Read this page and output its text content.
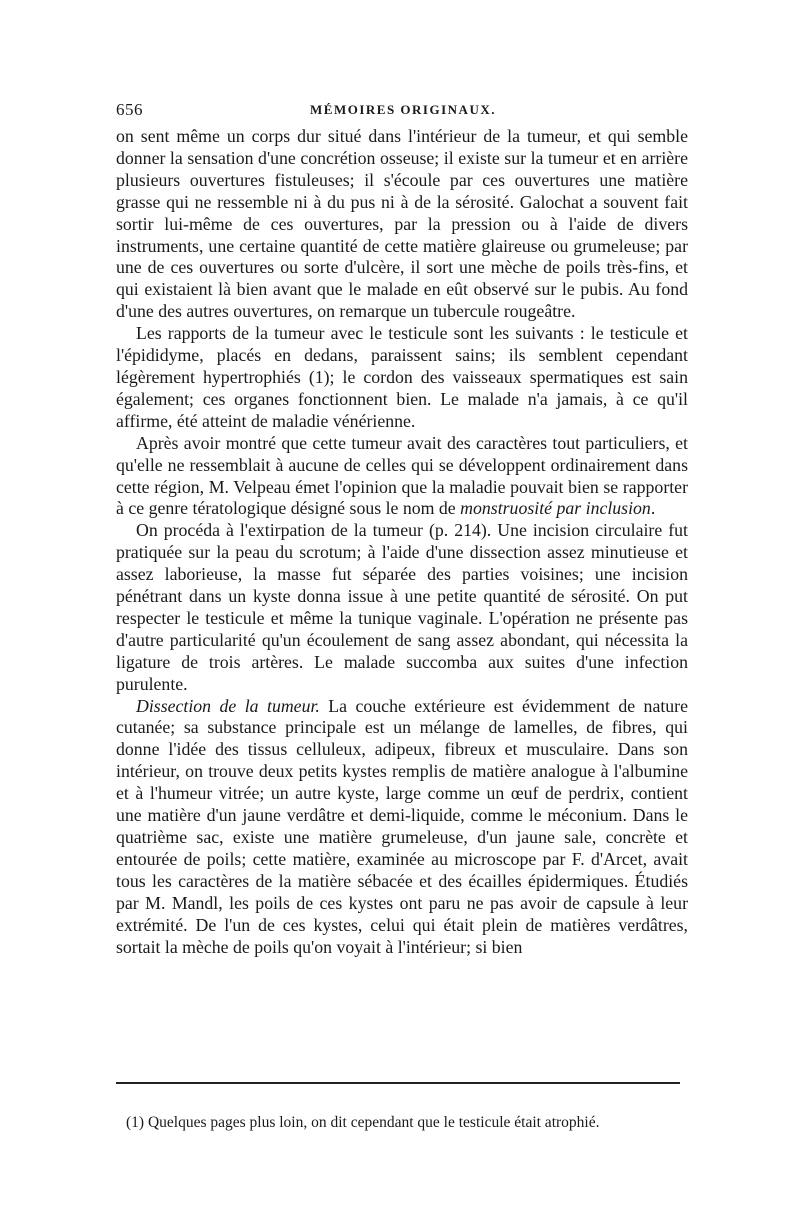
656	MÉMOIRES ORIGINAUX.

on sent même un corps dur situé dans l'intérieur de la tumeur, et qui semble donner la sensation d'une concrétion osseuse; il existe sur la tumeur et en arrière plusieurs ouvertures fistuleuses; il s'écoule par ces ouvertures une matière grasse qui ne ressemble ni à du pus ni à de la sérosité. Galochat a souvent fait sortir lui-même de ces ouvertures, par la pression ou à l'aide de divers instruments, une certaine quantité de cette matière glaireuse ou grumeleuse; par une de ces ouvertures ou sorte d'ulcère, il sort une mèche de poils très-fins, et qui existaient là bien avant que le malade en eût observé sur le pubis. Au fond d'une des autres ouvertures, on remarque un tubercule rougeâtre.

Les rapports de la tumeur avec le testicule sont les suivants : le testicule et l'épididyme, placés en dedans, paraissent sains; ils semblent cependant légèrement hypertrophiés (1); le cordon des vaisseaux spermatiques est sain également; ces organes fonctionnent bien. Le malade n'a jamais, à ce qu'il affirme, été atteint de maladie vénérienne.

Après avoir montré que cette tumeur avait des caractères tout particuliers, et qu'elle ne ressemblait à aucune de celles qui se développent ordinairement dans cette région, M. Velpeau émet l'opinion que la maladie pouvait bien se rapporter à ce genre tératologique désigné sous le nom de monstruosité par inclusion.

On procéda à l'extirpation de la tumeur (p. 214). Une incision circulaire fut pratiquée sur la peau du scrotum; à l'aide d'une dissection assez minutieuse et assez laborieuse, la masse fut séparée des parties voisines; une incision pénétrant dans un kyste donna issue à une petite quantité de sérosité. On put respecter le testicule et même la tunique vaginale. L'opération ne présente pas d'autre particularité qu'un écoulement de sang assez abondant, qui nécessita la ligature de trois artères. Le malade succomba aux suites d'une infection purulente.

Dissection de la tumeur. La couche extérieure est évidemment de nature cutanée; sa substance principale est un mélange de lamelles, de fibres, qui donne l'idée des tissus celluleux, adipeux, fibreux et musculaire. Dans son intérieur, on trouve deux petits kystes remplis de matière analogue à l'albumine et à l'humeur vitrée; un autre kyste, large comme un œuf de perdrix, contient une matière d'un jaune verdâtre et demi-liquide, comme le méconium. Dans le quatrième sac, existe une matière grumeleuse, d'un jaune sale, concrète et entourée de poils; cette matière, examinée au microscope par F. d'Arcet, avait tous les caractères de la matière sébacée et des écailles épidermiques. Étudiés par M. Mandl, les poils de ces kystes ont paru ne pas avoir de capsule à leur extrémité. De l'un de ces kystes, celui qui était plein de matières verdâtres, sortait la mèche de poils qu'on voyait à l'intérieur; si bien

(1) Quelques pages plus loin, on dit cependant que le testicule était atrophié.
